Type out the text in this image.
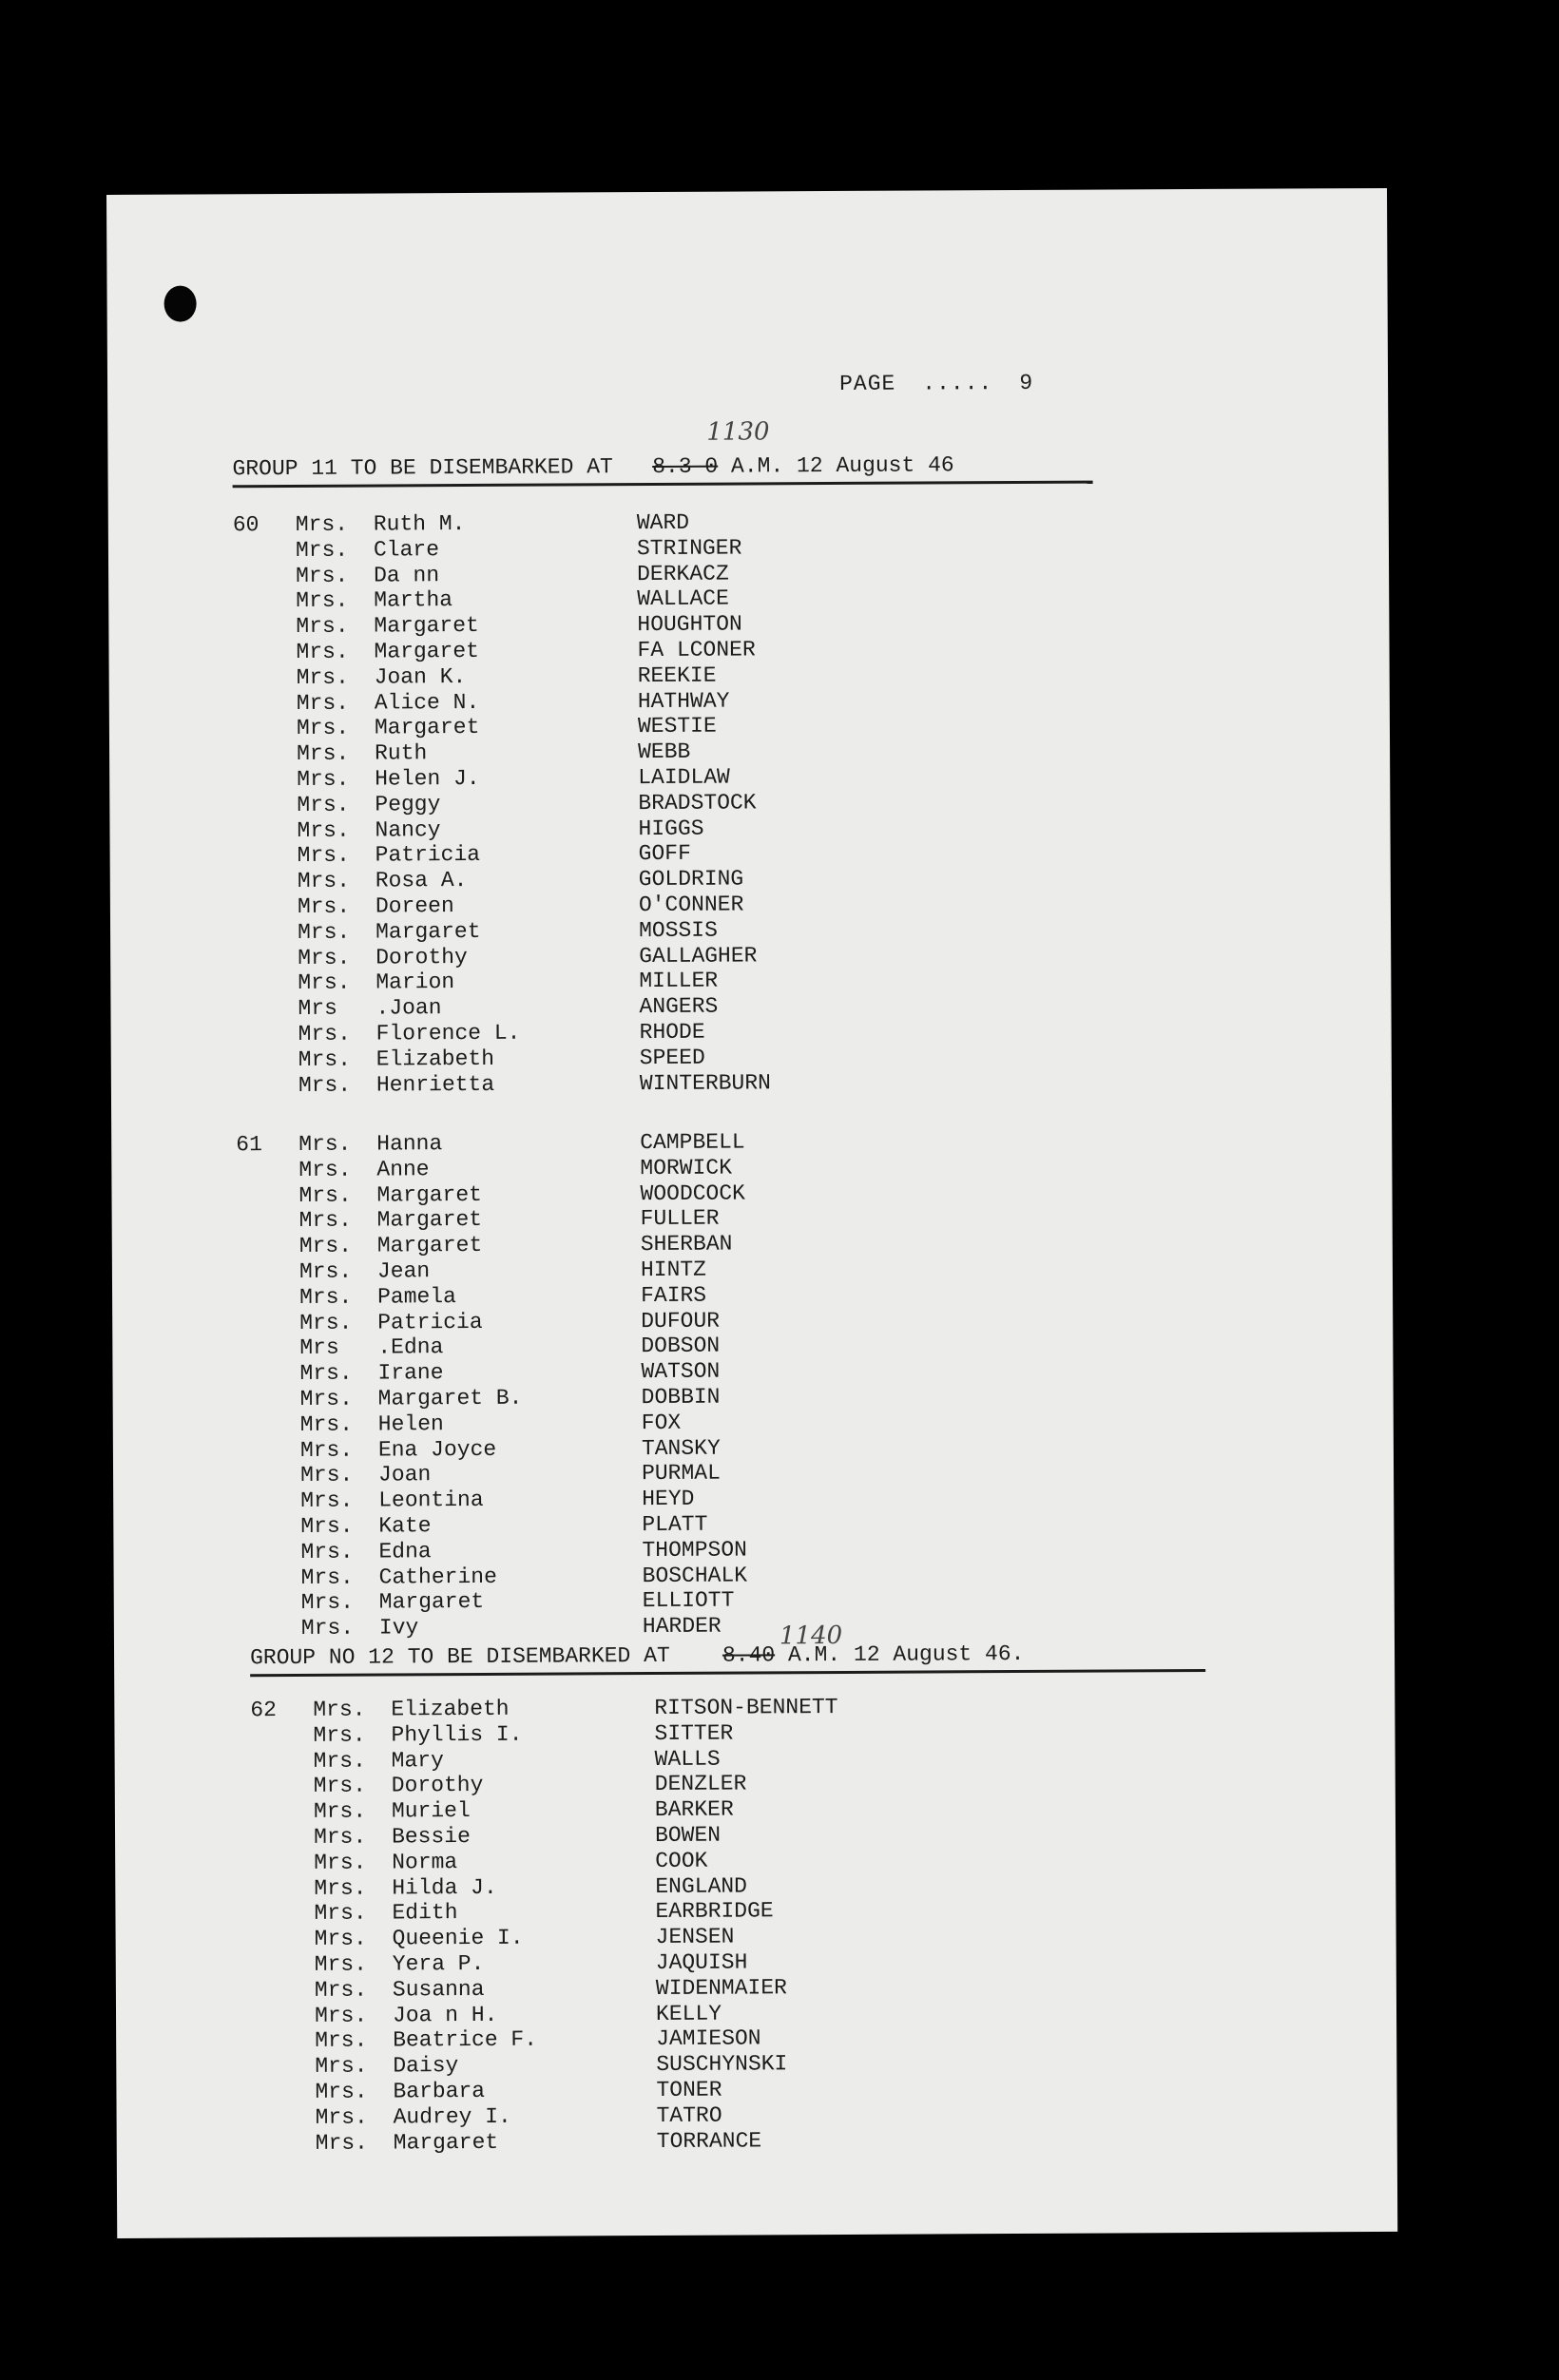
PAGE ..... 9
1130
GROUP 11 TO BE DISEMBARKED AT 8.3 0 A.M. 12 August 46
60	Mrs. Ruth M.	WARD
Mrs. Clare	STRINGER
Mrs. Da nn	DERKACZ
Mrs. Martha	WALLACE
Mrs. Margaret	HOUGHTON
Mrs. Margaret	FA LCONER
Mrs. Joan K.	REEKIE
Mrs. Alice N.	HATHWAY
Mrs. Margaret	WESTIE
Mrs. Ruth	WEBB
Mrs. Helen J.	LAIDLAW
Mrs. Peggy	BRADSTOCK
Mrs. Nancy	HIGGS
Mrs. Patricia	GOFF
Mrs. Rosa A.	GOLDRING
Mrs. Doreen	O'CONNER
Mrs. Margaret	MOSSIS
Mrs. Dorothy	GALLAGHER
Mrs. Marion	MILLER
Mrs .Joan	ANGERS
Mrs. Florence L.	RHODE
Mrs. Elizabeth	SPEED
Mrs. Henrietta	WINTERBURN
61	Mrs. Hanna	CAMPBELL
Mrs. Anne	MORWICK
Mrs. Margaret	WOODCOCK
Mrs. Margaret	FULLER
Mrs. Margaret	SHERBAN
Mrs. Jean	HINTZ
Mrs. Pamela	FAIRS
Mrs. Patricia	DUFOUR
Mrs .Edna	DOBSON
Mrs. Irane	WATSON
Mrs. Margaret B.	DOBBIN
Mrs. Helen	FOX
Mrs. Ena Joyce	TANSKY
Mrs. Joan	PURMAL
Mrs. Leontina	HEYD
Mrs. Kate	PLATT
Mrs. Edna	THOMPSON
Mrs. Catherine	BOSCHALK
Mrs. Margaret	ELLIOTT
Mrs. Ivy	HARDER 1140
GROUP NO 12 TO BE DISEMBARKED AT 8.40 A.M. 12 August 46.
62	Mrs. Elizabeth	RITSON-BENNETT
Mrs. Phyllis I.	SITTER
Mrs. Mary	WALLS
Mrs. Dorothy	DENZLER
Mrs. Muriel	BARKER
Mrs. Bessie	BOWEN
Mrs. Norma	COOK
Mrs. Hilda J.	ENGLAND
Mrs. Edith	EARBRIDGE
Mrs. Queenie I.	JENSEN
Mrs. Yera P.	JAQUISH
Mrs. Susanna	WIDENMAIER
Mrs. Joa n H.	KELLY
Mrs. Beatrice F.	JAMIESON
Mrs. Daisy	SUSCHYNSKI
Mrs. Barbara	TONER
Mrs. Audrey I.	TATRO
Mrs. Margaret	TORRANCE
